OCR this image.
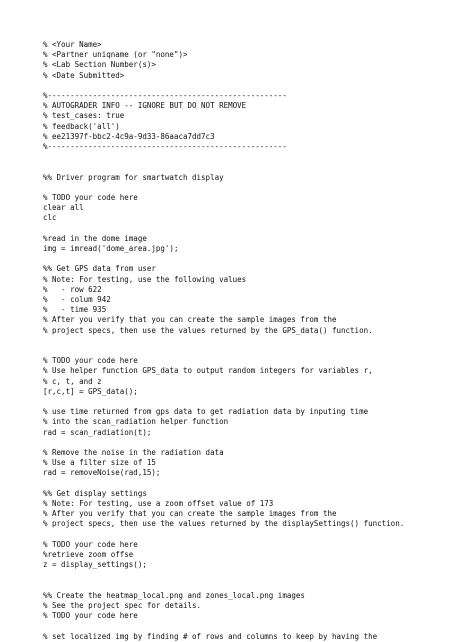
% <Your Name>
% <Partner uniqname (or "none")>
% <Lab Section Number(s)>
% <Date Submitted>
%-----------------------------------------------------
% AUTOGRADER INFO -- IGNORE BUT DO NOT REMOVE
% test_cases: true
% feedback('all')
% ee21397f-bbc2-4c9a-9d33-86aaca7dd7c3
%-----------------------------------------------------
%% Driver program for smartwatch display
% TODO your code here
clear all
clc
%read in the dome image
img = imread('dome_area.jpg');
%% Get GPS data from user
% Note: For testing, use the following values
%   - row 622
%   - colum 942
%   - time 935
% After you verify that you can create the sample images from the
% project specs, then use the values returned by the GPS_data() function.
% TODO your code here
% Use helper function GPS_data to output random integers for variables r,
% c, t, and z
[r,c,t] = GPS_data();
% use time returned from gps data to get radiation data by inputing time
% into the scan_radiation helper function
rad = scan_radiation(t);
% Remove the noise in the radiation data
% Use a filter size of 15
rad = removeNoise(rad,15);
%% Get display settings
% Note: For testing, use a zoom offset value of 173
% After you verify that you can create the sample images from the
% project specs, then use the values returned by the displaySettings() function.
% TODO your code here
%retrieve zoom offse
z = display_settings();
%% Create the heatmap_local.png and zones_local.png images
% See the project spec for details.
% TODO your code here
% set localized img by finding # of rows and columns to keep by having the
